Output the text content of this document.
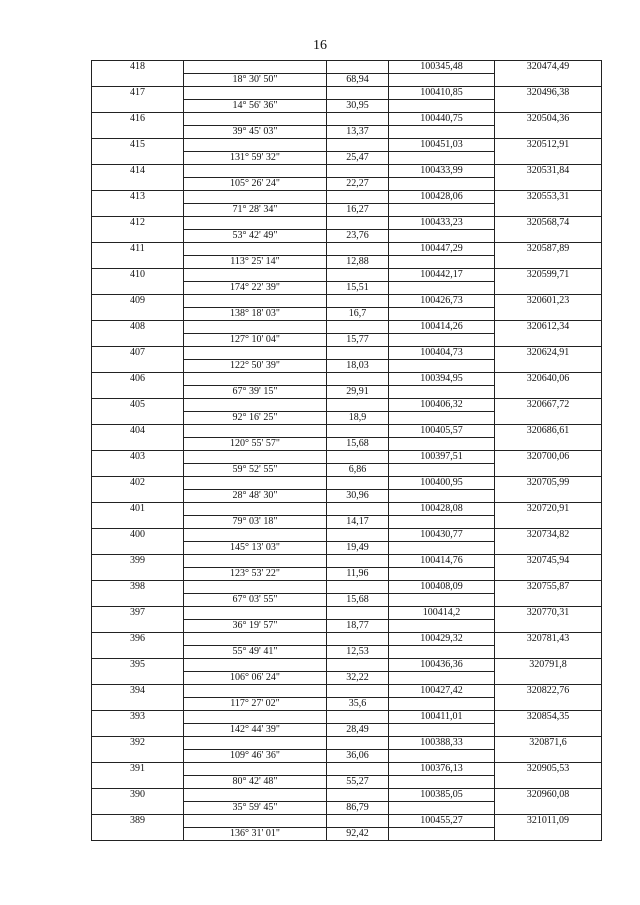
16
418			100345,48	320474,49
	18° 30' 50"	68,94		
417			100410,85	320496,38
	14° 56' 36"	30,95		
416			100440,75	320504,36
	39° 45' 03"	13,37		
415			100451,03	320512,91
	131° 59' 32"	25,47		
414			100433,99	320531,84
	105° 26' 24"	22,27		
413			100428,06	320553,31
	71° 28' 34"	16,27		
412			100433,23	320568,74
	53° 42' 49"	23,76		
411			100447,29	320587,89
	113° 25' 14"	12,88		
410			100442,17	320599,71
	174° 22' 39"	15,51		
409			100426,73	320601,23
	138° 18' 03"	16,7		
408			100414,26	320612,34
	127° 10' 04"	15,77		
407			100404,73	320624,91
	122° 50' 39"	18,03		
406			100394,95	320640,06
	67° 39' 15"	29,91		
405			100406,32	320667,72
	92° 16' 25"	18,9		
404			100405,57	320686,61
	120° 55' 57"	15,68		
403			100397,51	320700,06
	59° 52' 55"	6,86		
402			100400,95	320705,99
	28° 48' 30"	30,96		
401			100428,08	320720,91
	79° 03' 18"	14,17		
400			100430,77	320734,82
	145° 13' 03"	19,49		
399			100414,76	320745,94
	123° 53' 22"	11,96		
398			100408,09	320755,87
	67° 03' 55"	15,68		
397			100414,2	320770,31
	36° 19' 57"	18,77		
396			100429,32	320781,43
	55° 49' 41"	12,53		
395			100436,36	320791,8
	106° 06' 24"	32,22		
394			100427,42	320822,76
	117° 27' 02"	35,6		
393			100411,01	320854,35
	142° 44' 39"	28,49		
392			100388,33	320871,6
	109° 46' 36"	36,06		
391			100376,13	320905,53
	80° 42' 48"	55,27		
390			100385,05	320960,08
	35° 59' 45"	86,79		
389			100455,27	321011,09
	136° 31' 01"	92,42		
